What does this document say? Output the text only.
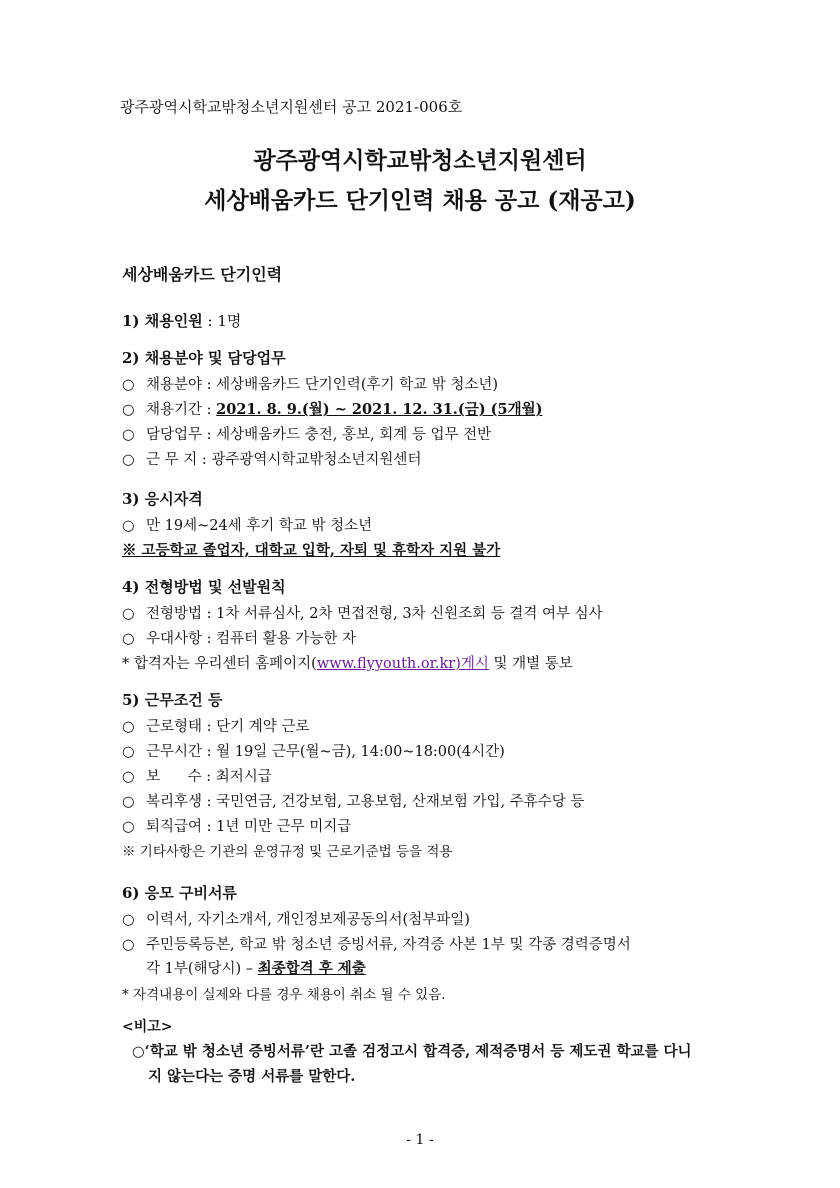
광주광역시학교밖청소년지원센터 공고 2021-006호
광주광역시학교밖청소년지원센터
세상배움카드 단기인력 채용 공고 (재공고)
세상배움카드 단기인력
1) 채용인원 : 1명
2) 채용분야 및 담당업무
○ 채용분야 : 세상배움카드 단기인력(후기 학교 밖 청소년)
○ 채용기간 : 2021. 8. 9.(월) ~ 2021. 12. 31.(금) (5개월)
○ 담당업무 : 세상배움카드 충전, 홍보, 회계 등 업무 전반
○ 근 무 지 : 광주광역시학교밖청소년지원센터
3) 응시자격
○ 만 19세~24세 후기 학교 밖 청소년
※ 고등학교 졸업자, 대학교 입학, 자퇴 및 휴학자 지원 불가
4) 전형방법 및 선발원칙
○ 전형방법 : 1차 서류심사, 2차 면접전형, 3차 신원조회 등 결격 여부 심사
○ 우대사항 : 컴퓨터 활용 가능한 자
* 합격자는 우리센터 홈페이지(www.flyyouth.or.kr)게시 및 개별 통보
5) 근무조건 등
○ 근로형태 : 단기 계약 근로
○ 근무시간 : 월 19일 근무(월~금), 14:00~18:00(4시간)
○ 보      수 : 최저시급
○ 복리후생 : 국민연금, 건강보험, 고용보험, 산재보험 가입, 주휴수당 등
○ 퇴직급여 : 1년 미만 근무 미지급
※ 기타사항은 기관의 운영규정 및 근로기준법 등을 적용
6) 응모 구비서류
○ 이력서, 자기소개서, 개인정보제공동의서(첨부파일)
○ 주민등록등본, 학교 밖 청소년 증빙서류, 자격증 사본 1부 및 각종 경력증명서
각 1부(해당시) – 최종합격 후 제출
* 자격내용이 실제와 다를 경우 채용이 취소 될 수 있음.
<비고>
○‘학교 밖 청소년 증빙서류’란 고졸 검정고시 합격증, 제적증명서 등 제도권 학교를 다니
지 않는다는 증명 서류를 말한다.
- 1 -
